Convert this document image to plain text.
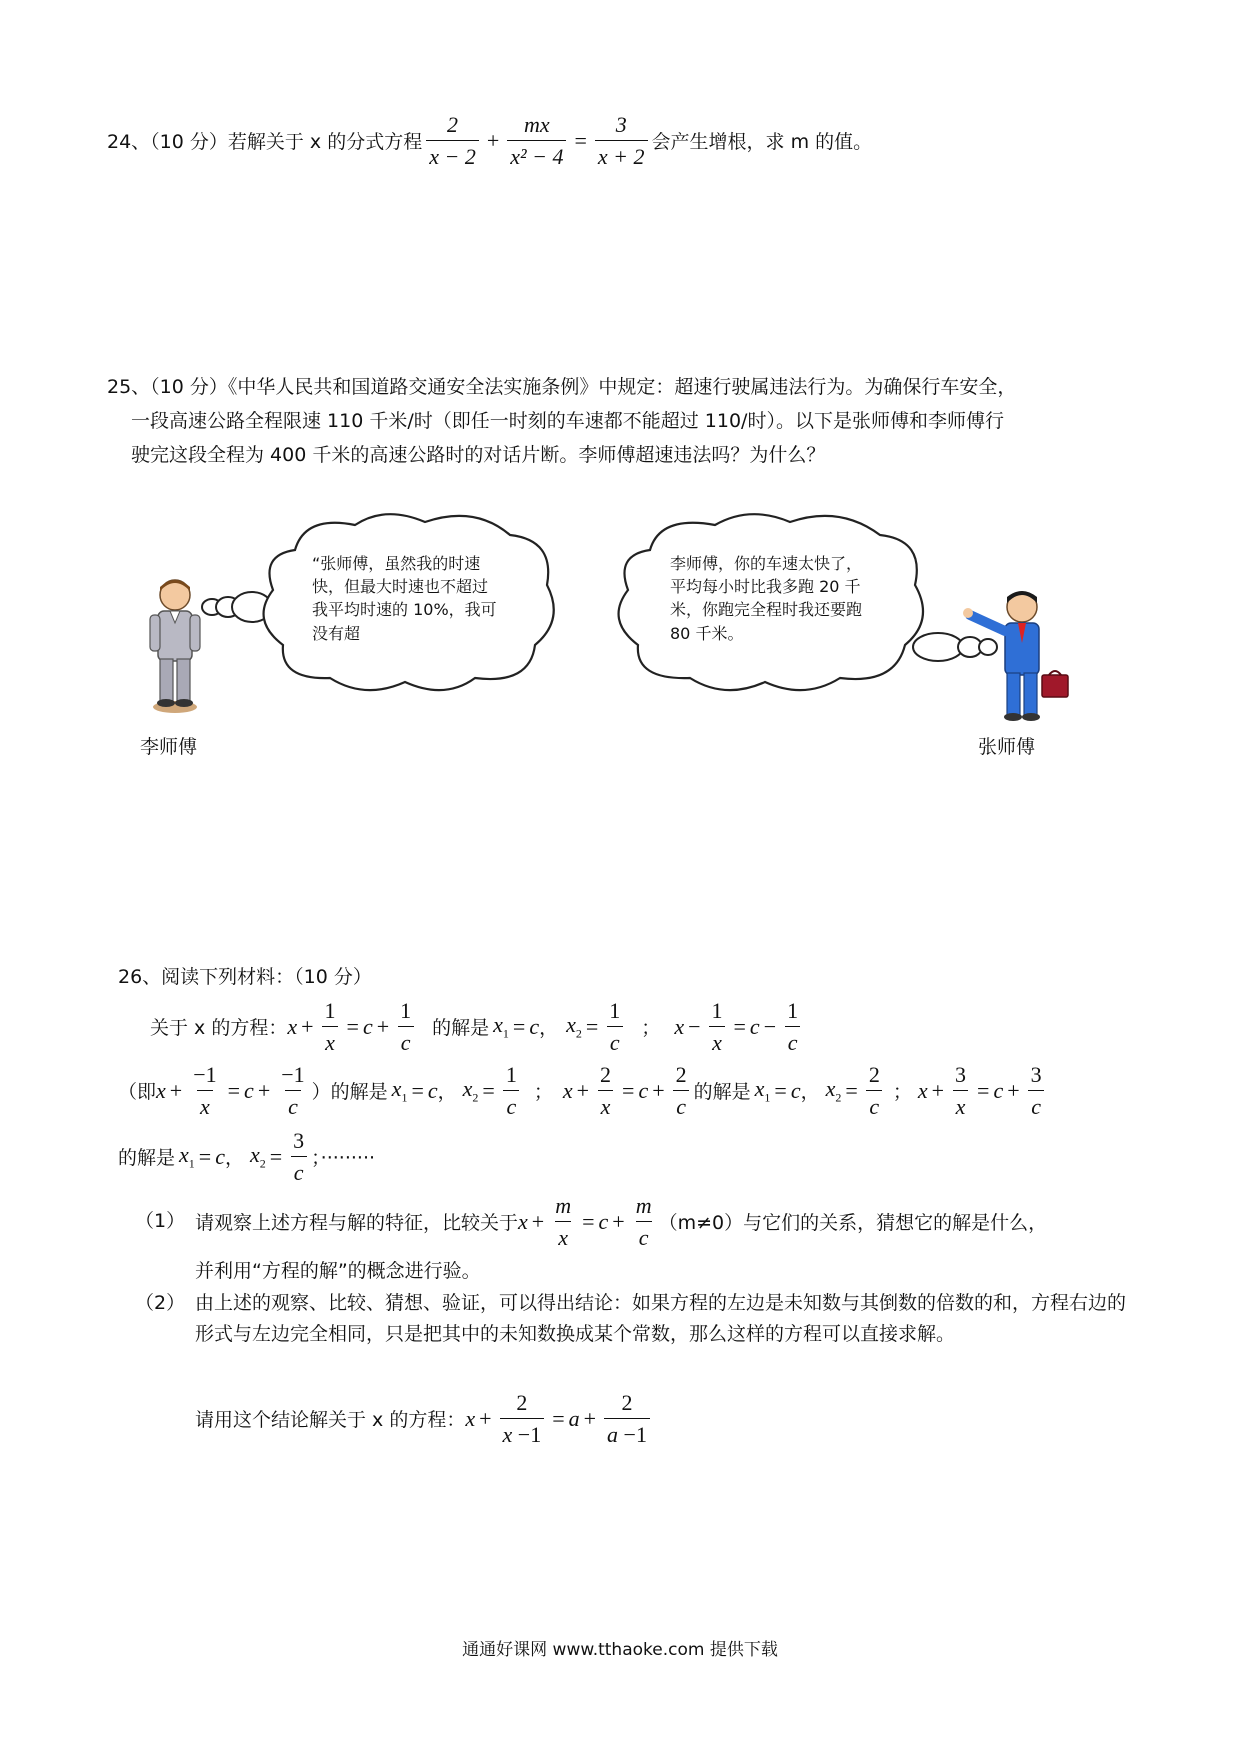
24、（10 分）若解关于 x 的分式方程 $\frac{2}{x - 2} + \frac{mx}{\text{x² − 4}} = \frac{3}{x + 2}$ 会产生增根，求 m 的值。
25、（10 分）《中华人民共和国道路交通安全法实施条例》中规定：超速行驶属违法行为。为确保行车安全，
一段高速公路全程限速 110 千米/时（即任一时刻的车速都不能超过 110/时）。以下是张师傅和李师傅行
驶完这段全程为 400 千米的高速公路时的对话片断。李师傅超速违法吗？为什么？
“张师傅，虽然我的时速快，但最大时速也不超过我平均时速的 10%，我可没有超
李师傅，你的车速太快了，平均每小时比我多跑 20 千米，你跑完全程时我还要跑 80 千米。
李师傅	张师傅
26、阅读下列材料：（10 分）
关于 x 的方程： $x + \frac{1}{x} = c + \frac{1}{c}$ 的解是 $x_1 = c$ ， $x_2 = \frac{1}{c}$ ； $x - \frac{1}{x} = c - \frac{1}{c}$
（即 $x + \frac{-1}{x} = c + \frac{-1}{c}$ ）的解是 $x_1 = c$ ， $x_2 = \frac{1}{c}$ ； $x + \frac{2}{x} = c + \frac{2}{c}$ 的解是 $x_1 = c$ ， $x_2 = \frac{2}{c}$ ； $x + \frac{3}{x} = c + \frac{3}{c}$
的解是 $x_1 = c$ ， $x_2 = \frac{3}{c}$ ；·········
（1） 请观察上述方程与解的特征，比较关于 $x + \frac{m}{x} = c + \frac{m}{c} (m\ne 0)$与它们的关系，猜想它的解是什么，
并利用“方程的解”的概念进行验。
（2） 由上述的观察、比较、猜想、验证，可以得出结论：如果方程的左边是未知数与其倒数的倍数的和，方程右边的形式与左边完全相同，只是把其中的未知数换成某个常数，那么这样的方程可以直接求解。
请用这个结论解关于 x 的方程： $x + \frac{2}{x -1} = a + \frac{2}{a -1}$
通通好课网 www.tthaoke.com 提供下载
